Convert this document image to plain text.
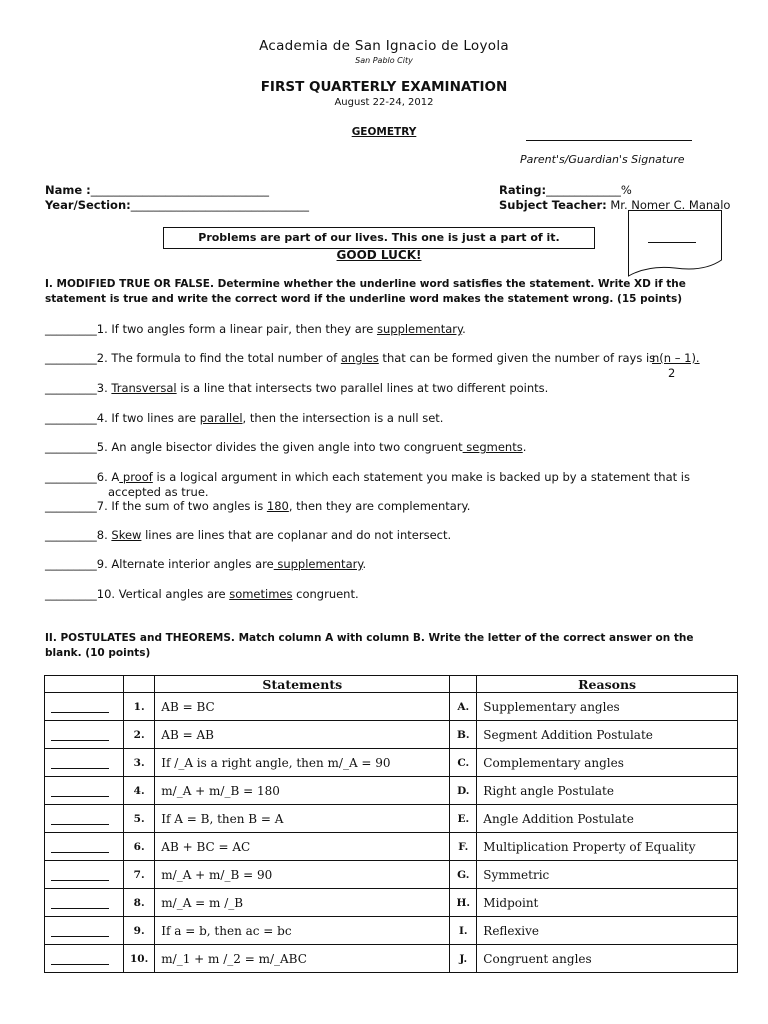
Academia de San Ignacio de Loyola
San Pablo City
FIRST QUARTERLY EXAMINATION
August 22-24, 2012
GEOMETRY
Parent's/Guardian's Signature
Name :_______________________________
Year/Section:_______________________________
Rating:_____________%
Subject Teacher: Mr. Nomer C. Manalo
Problems are part of our lives. This one is just a part of it.
GOOD LUCK!
I. MODIFIED TRUE OR FALSE. Determine whether the underline word satisfies the statement. Write XD if the statement is true and write the correct word if the underline word makes the statement wrong. (15 points)
_________1. If two angles form a linear pair, then they are supplementary.
_________2. The formula to find the total number of angles that can be formed given the number of rays is
n(n – 1).
2
_________3. Transversal is a line that intersects two parallel lines at two different points.
_________4. If two lines are parallel, then the intersection is a null set.
_________5. An angle bisector divides the given angle into two congruent segments.
_________6. A proof is a logical argument in which each statement you make is backed up by a statement that is
accepted as true.
_________7. If the sum of two angles is 180, then they are complementary.
_________8. Skew lines are lines that are coplanar and do not intersect.
_________9. Alternate interior angles are supplementary.
_________10. Vertical angles are sometimes congruent.
II. POSTULATES and THEOREMS. Match column A with column B. Write the letter of the correct answer on the blank. (10 points)
		Statements		Reasons
	1.	AB = BC	A.	Supplementary angles
	2.	AB = AB	B.	Segment Addition Postulate
	3.	If /_A is a right angle, then m/_A = 90	C.	Complementary angles
	4.	m/_A + m/_B = 180	D.	Right angle Postulate
	5.	If A = B, then B = A	E.	Angle Addition Postulate
	6.	AB + BC = AC	F.	Multiplication Property of Equality
	7.	m/_A + m/_B = 90	G.	Symmetric
	8.	m/_A = m /_B	H.	Midpoint
	9.	If a = b, then ac = bc	I.	Reflexive
	10.	m/_1 + m /_2 = m/_ABC	J.	Congruent angles
